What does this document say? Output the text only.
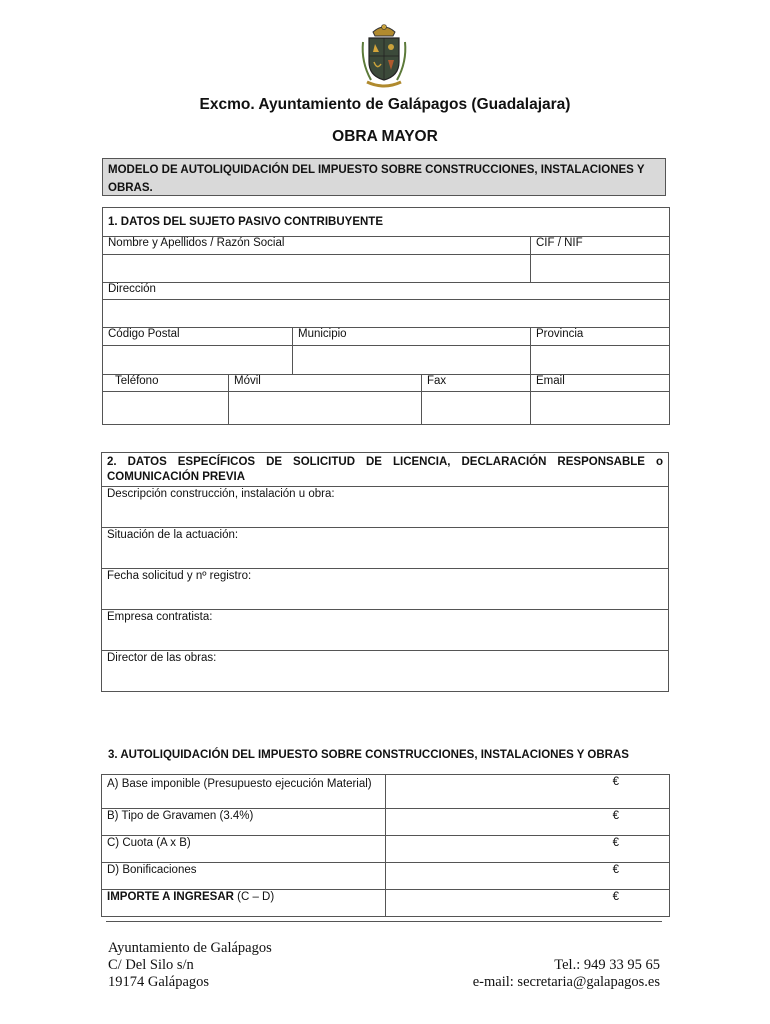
Excmo. Ayuntamiento de Galápagos (Guadalajara)
OBRA MAYOR
MODELO DE AUTOLIQUIDACIÓN DEL IMPUESTO SOBRE CONSTRUCCIONES, INSTALACIONES Y OBRAS.
1. DATOS DEL SUJETO PASIVO CONTRIBUYENTE				
Nombre y Apellidos / Razón Social				CIF / NIF

Dirección				

Código Postal		Municipio		Provincia

Teléfono	Móvil		Fax	Email

2. DATOS ESPECÍFICOS DE SOLICITUD DE LICENCIA, DECLARACIÓN RESPONSABLE o COMUNICACIÓN PREVIA
Descripción construcción, instalación u obra:
Situación de la actuación:
Fecha solicitud y nº registro:
Empresa contratista:
Director de las obras:
3. AUTOLIQUIDACIÓN DEL IMPUESTO SOBRE CONSTRUCCIONES, INSTALACIONES Y OBRAS
A) Base imponible (Presupuesto ejecución Material)	€
B) Tipo de Gravamen (3.4%)	€
C) Cuota (A x B)	€
D) Bonificaciones	€
IMPORTE A INGRESAR (C – D)	€
Ayuntamiento de Galápagos
C/ Del Silo s/n
19174 Galápagos
Tel.: 949 33 95 65
e-mail: secretaria@galapagos.es
